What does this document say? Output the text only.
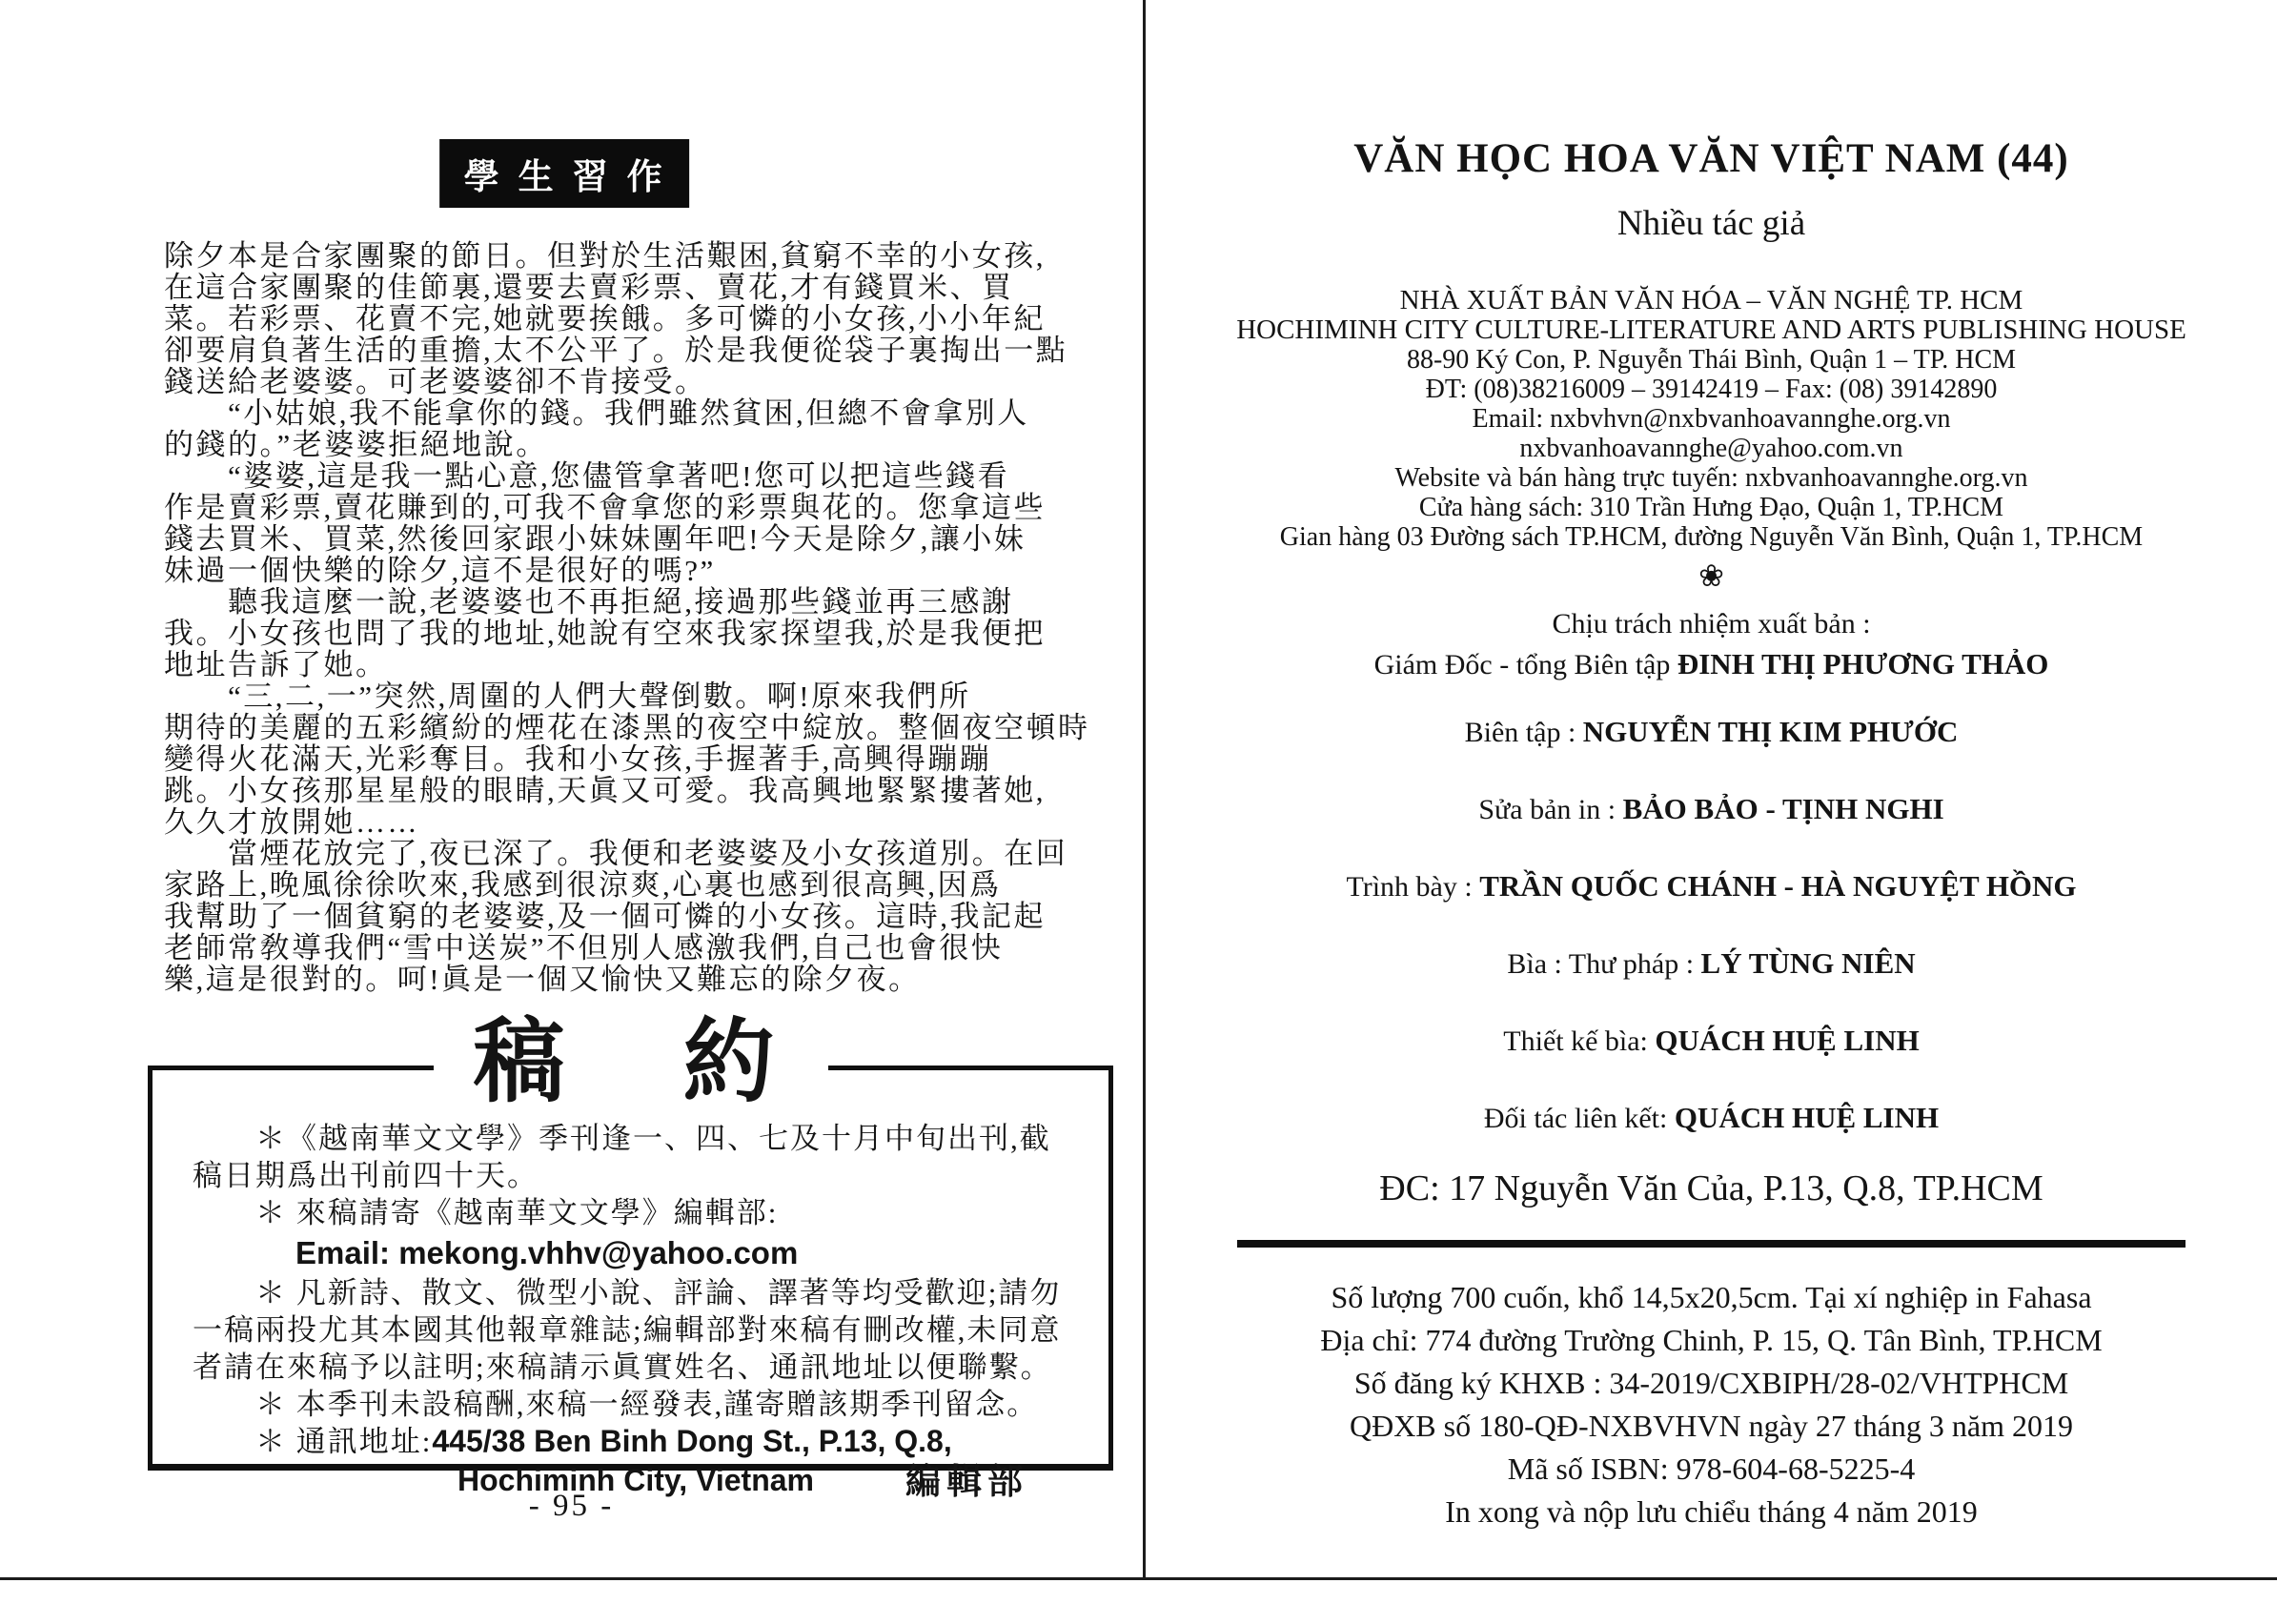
學生習作
除夕本是合家團聚的節日。但對於生活艱困,貧窮不幸的小女孩,
在這合家團聚的佳節裏,還要去賣彩票、賣花,才有錢買米、買
菜。若彩票、花賣不完,她就要挨餓。多可憐的小女孩,小小年紀
卻要肩負著生活的重擔,太不公平了。於是我便從袋子裏掏出一點
錢送給老婆婆。可老婆婆卻不肯接受。
　　“小姑娘,我不能拿你的錢。我們雖然貧困,但總不會拿別人
的錢的。”老婆婆拒絕地說。
　　“婆婆,這是我一點心意,您儘管拿著吧!您可以把這些錢看
作是賣彩票,賣花賺到的,可我不會拿您的彩票與花的。您拿這些
錢去買米、買菜,然後回家跟小妹妹團年吧!今天是除夕,讓小妹
妹過一個快樂的除夕,這不是很好的嗎?”
　　聽我這麼一說,老婆婆也不再拒絕,接過那些錢並再三感謝
我。小女孩也問了我的地址,她說有空來我家探望我,於是我便把
地址告訴了她。
　　“三,二,一”突然,周圍的人們大聲倒數。啊!原來我們所
期待的美麗的五彩繽紛的煙花在漆黑的夜空中綻放。整個夜空頓時
變得火花滿天,光彩奪目。我和小女孩,手握著手,高興得蹦蹦
跳。小女孩那星星般的眼睛,天眞又可愛。我高興地緊緊摟著她,
久久才放開她……
　　當煙花放完了,夜已深了。我便和老婆婆及小女孩道別。在回
家路上,晚風徐徐吹來,我感到很涼爽,心裏也感到很高興,因爲
我幫助了一個貧窮的老婆婆,及一個可憐的小女孩。這時,我記起
老師常敎導我們“雪中送炭”不但別人感激我們,自己也會很快
樂,這是很對的。呵!眞是一個又愉快又難忘的除夕夜。
稿　約
　　＊《越南華文文學》季刊逢一、四、七及十月中旬出刊,截
稿日期爲出刊前四十天。
　　＊ 來稿請寄《越南華文文學》編輯部:
Email: mekong.vhhv@yahoo.com
　　＊ 凡新詩、散文、微型小說、評論、譯著等均受歡迎;請勿
一稿兩投尤其本國其他報章雜誌;編輯部對來稿有刪改權,未同意
者請在來稿予以註明;來稿請示眞實姓名、通訊地址以便聯繫。
　　＊ 本季刊未設稿酬,來稿一經發表,謹寄贈該期季刊留念。
　　＊ 通訊地址:445/38 Ben Binh Dong St., P.13, Q.8,
Hochiminh City, Vietnam	編輯部
- 95 -
VĂN HỌC HOA VĂN VIỆT NAM (44)
Nhiều tác giả
NHÀ XUẤT BẢN VĂN HÓA – VĂN NGHỆ TP. HCM
HOCHIMINH CITY CULTURE-LITERATURE AND ARTS PUBLISHING HOUSE
88-90 Ký Con, P. Nguyễn Thái Bình, Quận 1 – TP. HCM
ĐT: (08)38216009 – 39142419 – Fax: (08) 39142890
Email: nxbvhvn@nxbvanhoavannghe.org.vn
nxbvanhoavannghe@yahoo.com.vn
Website và bán hàng trực tuyến: nxbvanhoavannghe.org.vn
Cửa hàng sách: 310 Trần Hưng Đạo, Quận 1, TP.HCM
Gian hàng 03 Đường sách TP.HCM, đường Nguyễn Văn Bình, Quận 1, TP.HCM
❀
Chịu trách nhiệm xuất bản :
Giám Đốc - tổng Biên tập ĐINH THỊ PHƯƠNG THẢO
Biên tập : NGUYỄN THỊ KIM PHƯỚC
Sửa bản in : BẢO BẢO - TỊNH NGHI
Trình bày : TRẦN QUỐC CHÁNH - HÀ NGUYỆT HỒNG
Bìa : Thư pháp : LÝ TÙNG NIÊN
Thiết kế bìa: QUÁCH HUỆ LINH
Đối tác liên kết: QUÁCH HUỆ LINH
ĐC: 17 Nguyễn Văn Của, P.13, Q.8, TP.HCM
Số lượng 700 cuốn, khổ 14,5x20,5cm. Tại xí nghiệp in Fahasa
Địa chỉ: 774 đường Trường Chinh, P. 15, Q. Tân Bình, TP.HCM
Số đăng ký KHXB : 34-2019/CXBIPH/28-02/VHTPHCM
QĐXB số 180-QĐ-NXBVHVN ngày 27 tháng 3 năm 2019
Mã số ISBN: 978-604-68-5225-4
In xong và nộp lưu chiểu tháng 4 năm 2019
